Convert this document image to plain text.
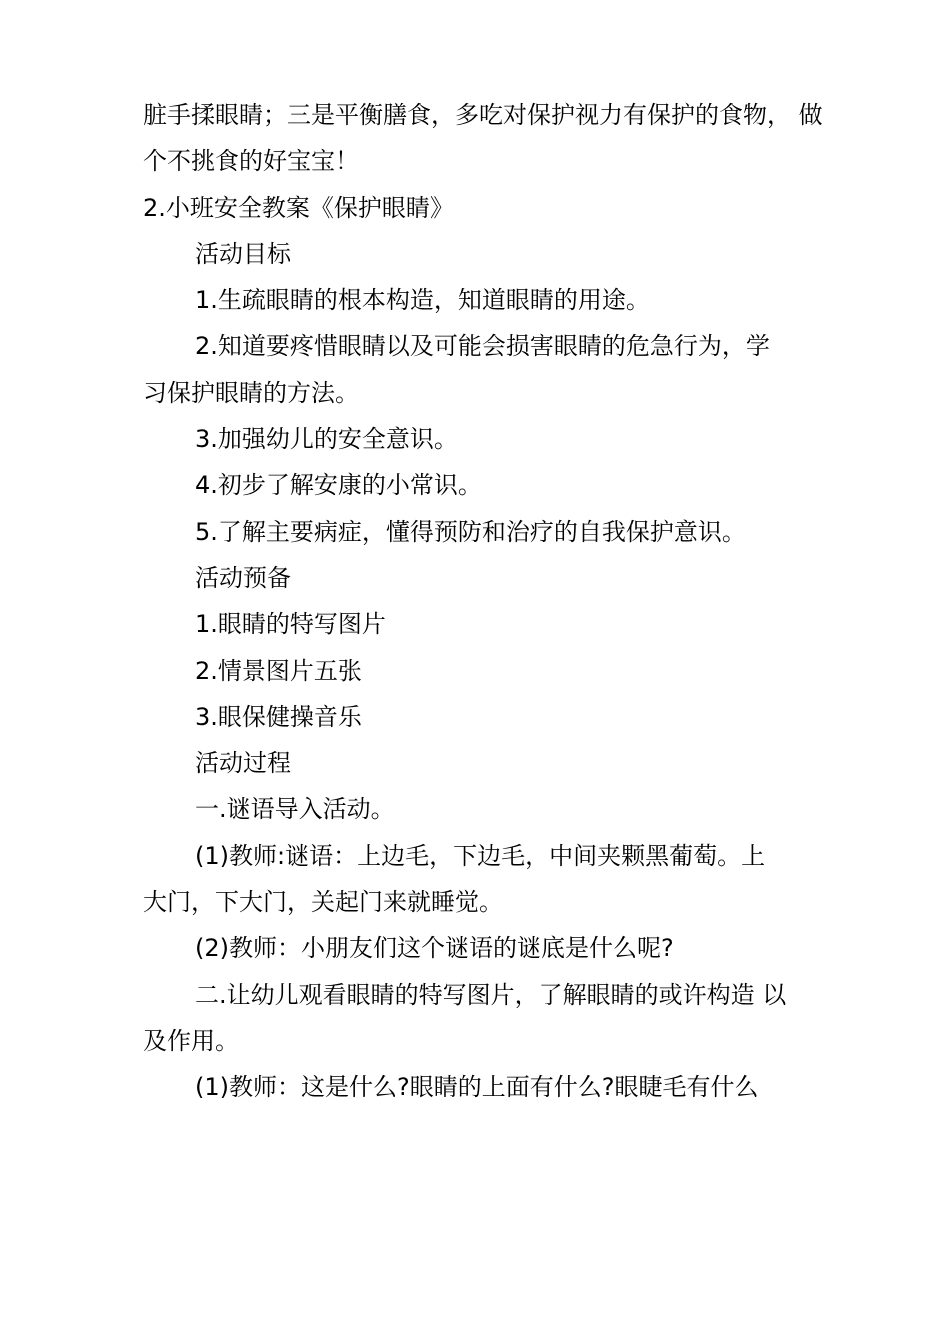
脏手揉眼睛；三是平衡膳食，多吃对保护视力有保护的食物， 做
个不挑食的好宝宝！
2.小班安全教案《保护眼睛》
活动目标
1.生疏眼睛的根本构造，知道眼睛的用途。
2.知道要疼惜眼睛以及可能会损害眼睛的危急行为，学
习保护眼睛的方法。
3.加强幼儿的安全意识。
4.初步了解安康的小常识。
5.了解主要病症，懂得预防和治疗的自我保护意识。
活动预备
1.眼睛的特写图片
2.情景图片五张
3.眼保健操音乐
活动过程
一.谜语导入活动。
(1)教师:谜语：上边毛，下边毛，中间夹颗黑葡萄。上
大门，下大门，关起门来就睡觉。
(2)教师：小朋友们这个谜语的谜底是什么呢?
二.让幼儿观看眼睛的特写图片，了解眼睛的或许构造 以
及作用。
(1)教师：这是什么?眼睛的上面有什么?眼睫毛有什么
